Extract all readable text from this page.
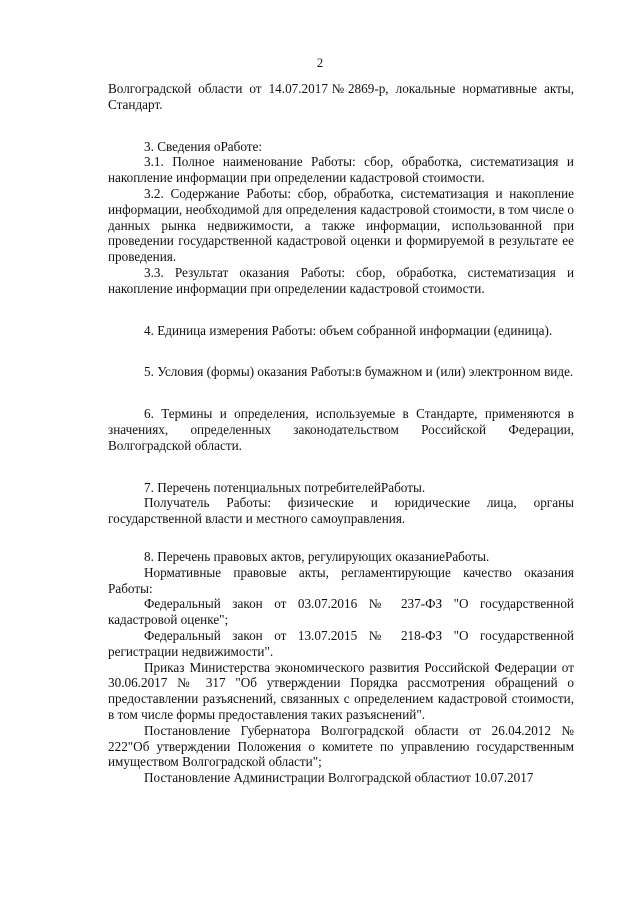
2

Волгоградской области от 14.07.2017№2869-р, локальные нормативные акты, Стандарт.

3. Сведения оРаботе:

3.1. Полное наименование Работы: сбор, обработка, систематизация и накопление информации при определении кадастровой стоимости.

3.2. Содержание Работы: сбор, обработка, систематизация и накопление информации, необходимой для определения кадастровой стоимости, в том числе о данных рынка недвижимости, а также информации, использованной при проведении государственной кадастровой оценки и формируемой в результате ее проведения.

3.3. Результат оказания Работы: сбор, обработка, систематизация и накопление информации при определении кадастровой стоимости.

4. Единица измерения Работы: объем собранной информации (единица).

5. Условия (формы) оказания Работы:в бумажном и (или) электронном виде.

6. Термины и определения, используемые в Стандарте, применяются в значениях, определенных законодательством Российской Федерации, Волгоградской области.

7. Перечень потенциальных потребителейРаботы.

Получатель Работы: физические и юридические лица, органы государственной власти и местного самоуправления.

8. Перечень правовых актов, регулирующих оказаниеРаботы.

Нормативные правовые акты, регламентирующие качество оказания Работы:

Федеральный закон от 03.07.2016 № 237-ФЗ "О государственной кадастровой оценке";

Федеральный закон от 13.07.2015 № 218-ФЗ "О государственной регистрации недвижимости".

Приказ Министерства экономического развития Российской Федерации от 30.06.2017 № 317 "Об утверждении Порядка рассмотрения обращений о предоставлении разъяснений, связанных с определением кадастровой стоимости, в том числе формы предоставления таких разъяснений".

Постановление Губернатора Волгоградской области от 26.04.2012 № 222"Об утверждении Положения о комитете по управлению государственным имуществом Волгоградской области";

Постановление Администрации Волгоградской областиот 10.07.2017
